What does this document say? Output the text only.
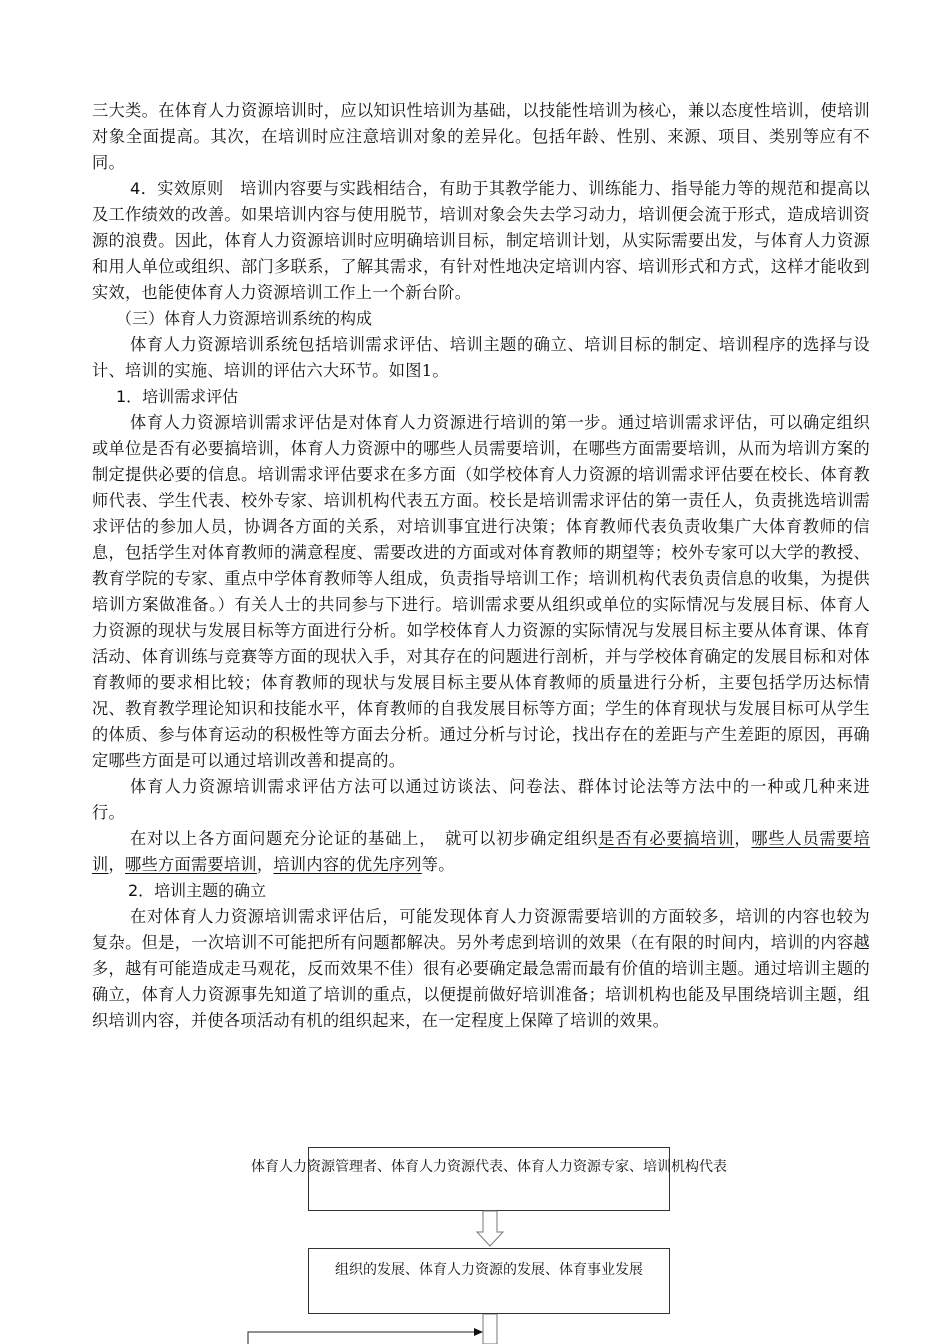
三大类。在体育人力资源培训时，应以知识性培训为基础，以技能性培训为核心，兼以态度性培训，使培训对象全面提高。其次，在培训时应注意培训对象的差异化。包括年龄、性别、来源、项目、类别等应有不同。

4．实效原则　 培训内容要与实践相结合，有助于其教学能力、训练能力、指导能力等的规范和提高以及工作绩效的改善。如果培训内容与使用脱节，培训对象会失去学习动力，培训便会流于形式，造成培训资源的浪费。因此，体育人力资源培训时应明确培训目标，制定培训计划，从实际需要出发，与体育人力资源和用人单位或组织、部门多联系，了解其需求，有针对性地决定培训内容、培训形式和方式，这样才能收到实效，也能使体育人力资源培训工作上一个新台阶。

（三）体育人力资源培训系统的构成

体育人力资源培训系统包括培训需求评估、培训主题的确立、培训目标的制定、培训程序的选择与设计、培训的实施、培训的评估六大环节。如图1。

1．培训需求评估

体育人力资源培训需求评估是对体育人力资源进行培训的第一步。通过培训需求评估，可以确定组织或单位是否有必要搞培训，体育人力资源中的哪些人员需要培训，在哪些方面需要培训，从而为培训方案的制定提供必要的信息。培训需求评估要求在多方面（如学校体育人力资源的培训需求评估要在校长、体育教师代表、学生代表、校外专家、培训机构代表五方面。校长是培训需求评估的第一责任人，负责挑选培训需求评估的参加人员，协调各方面的关系，对培训事宜进行决策；体育教师代表负责收集广大体育教师的信息，包括学生对体育教师的满意程度、需要改进的方面或对体育教师的期望等；校外专家可以大学的教授、教育学院的专家、重点中学体育教师等人组成，负责指导培训工作；培训机构代表负责信息的收集，为提供培训方案做准备。）有关人士的共同参与下进行。培训需求要从组织或单位的实际情况与发展目标、体育人力资源的现状与发展目标等方面进行分析。如学校体育人力资源的实际情况与发展目标主要从体育课、体育活动、体育训练与竞赛等方面的现状入手，对其存在的问题进行剖析，并与学校体育确定的发展目标和对体育教师的要求相比较；体育教师的现状与发展目标主要从体育教师的质量进行分析，主要包括学历达标情况、教育教学理论知识和技能水平，体育教师的自我发展目标等方面；学生的体育现状与发展目标可从学生的体质、参与体育运动的积极性等方面去分析。通过分析与讨论，找出存在的差距与产生差距的原因，再确定哪些方面是可以通过培训改善和提高的。

体育人力资源培训需求评估方法可以通过访谈法、问卷法、群体讨论法等方法中的一种或几种来进行。

在对以上各方面问题充分论证的基础上，　就可以初步确定组织是否有必要搞培训，哪些人员需要培训，哪些方面需要培训，培训内容的优先序列等。

2．培训主题的确立

在对体育人力资源培训需求评估后，可能发现体育人力资源需要培训的方面较多，培训的内容也较为复杂。但是，一次培训不可能把所有问题都解决。另外考虑到培训的效果（在有限的时间内，培训的内容越多，越有可能造成走马观花，反而效果不佳）很有必要确定最急需而最有价值的培训主题。通过培训主题的确立，体育人力资源事先知道了培训的重点，以便提前做好培训准备；培训机构也能及早围绕培训主题，组织培训内容，并使各项活动有机的组织起来，在一定程度上保障了培训的效果。

体育人力资源管理者、体育人力资源代表、体育人力资源专家、培训机构代表
组织的发展、体育人力资源的发展、体育事业发展
